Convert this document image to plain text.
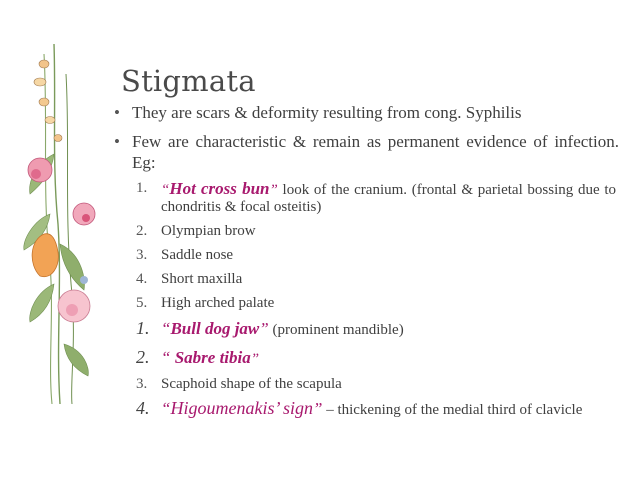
Stigmata
• They are scars & deformity resulting from cong. Syphilis
• Few are characteristic & remain as permanent evidence of infection. Eg:
1. “Hot cross bun” look of the cranium. (frontal & parietal bossing due to chondritis & focal osteitis)
2. Olympian brow
3. Saddle nose
4. Short maxilla
5. High arched palate
1. “Bull dog jaw” (prominent mandible)
2. “ Sabre tibia”
3. Scaphoid shape of the scapula
4. “Higoumenakis’ sign” – thickening of the medial third of clavicle
